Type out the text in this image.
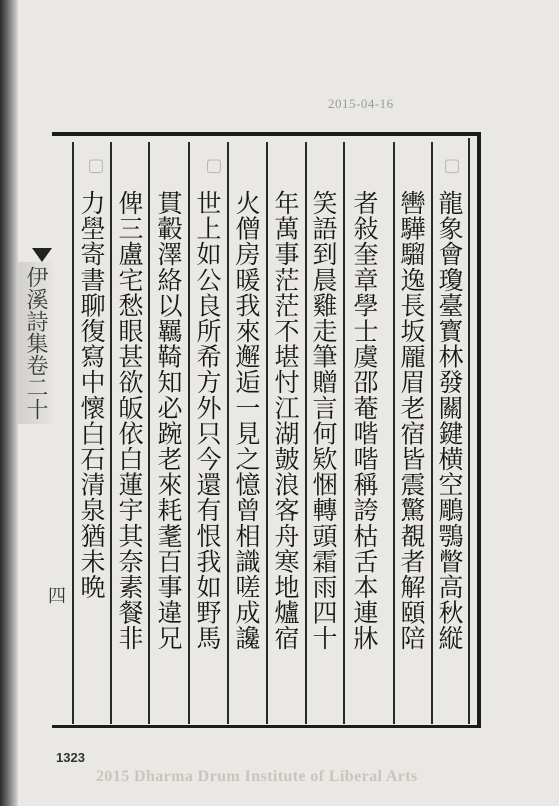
2015-04-16
▢
▢
▢
龍象會瓊臺寳林發關鍵横空鵰鶚瞥高秋縦
轡驊騮逸長坂龎眉老宿皆震驚覩者解頤陪
者敍奎章學士虞邵菴喈喈稱誇枯舌本連牀
笑語到晨雞走筆贈言何欵悃轉頭霜雨四十
年萬事茫茫不堪忖江湖皷浪客舟寒地爐宿
火僧房暖我來邂逅一見之憶曾相識嗟成讒
世上如公良所希方外只今還有恨我如野馬
貫轂澤絡以羈䩭知必踠老來耗耄百事違兄
俾三盧宅愁眼甚欲皈依白蓮宇其奈素餐非
力壆寄書聊復寫中懷白石清泉猶未晩
伊溪詩集卷二十
四
1323
2015 Dharma Drum Institute of Liberal Arts
